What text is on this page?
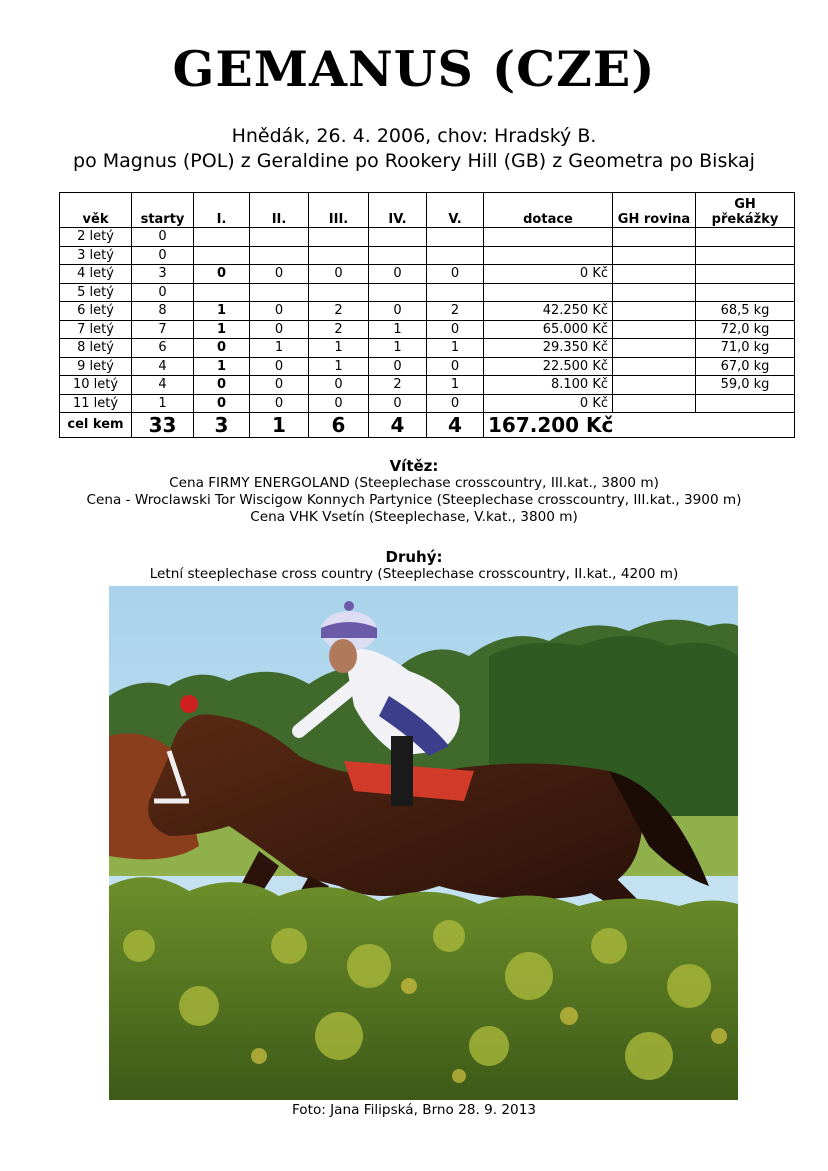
GEMANUS (CZE)
Hnědák, 26. 4. 2006, chov: Hradský B.
po Magnus (POL) z Geraldine po Rookery Hill (GB) z Geometra po Biskaj
věk	starty	I.	II.	III.	IV.	V.	dotace	GH rovina	GH překážky
2 letý	0								
3 letý	0								
4 letý	3	0	0	0	0	0	0 Kč		
5 letý	0								
6 letý	8	1	0	2	0	2	42.250 Kč		68,5 kg
7 letý	7	1	0	2	1	0	65.000 Kč		72,0 kg
8 letý	6	0	1	1	1	1	29.350 Kč		71,0 kg
9 letý	4	1	0	1	0	0	22.500 Kč		67,0 kg
10 letý	4	0	0	0	2	1	8.100 Kč		59,0 kg
11 letý	1	0	0	0	0	0	0 Kč		
cel kem	33	3	1	6	4	4	167.200 Kč		
Vítěz:
Cena FIRMY ENERGOLAND (Steeplechase crosscountry, III.kat., 3800 m)
Cena - Wroclawski Tor Wiscigow Konnych Partynice (Steeplechase crosscountry, III.kat., 3900 m)
Cena VHK Vsetín (Steeplechase, V.kat., 3800 m)
Druhý:
Letní steeplechase cross country (Steeplechase crosscountry, II.kat., 4200 m)
Foto: Jana Filipská, Brno 28. 9. 2013
